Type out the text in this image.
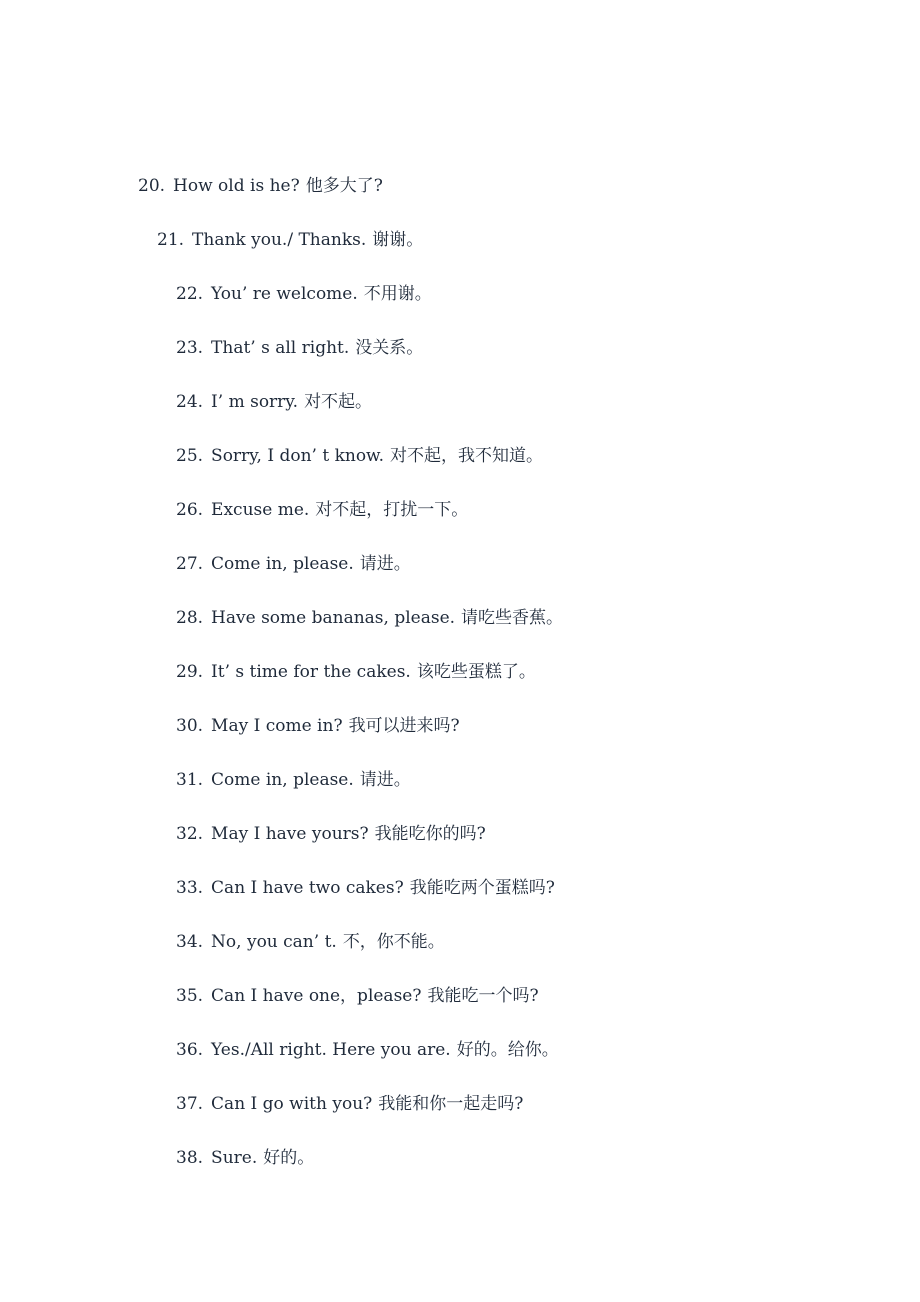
20. How old is he? 他多大了?
21. Thank you./ Thanks. 谢谢。
22. You’ re welcome. 不用谢。
23. That’ s all right. 没关系。
24. I’ m sorry. 对不起。
25. Sorry, I don’ t know. 对不起，我不知道。
26. Excuse me. 对不起，打扰一下。
27. Come in, please. 请进。
28. Have some bananas, please. 请吃些香蕉。
29. It’ s time for the cakes. 该吃些蛋糕了。
30. May I come in? 我可以进来吗?
31. Come in, please. 请进。
32. May I have yours? 我能吃你的吗?
33. Can I have two cakes? 我能吃两个蛋糕吗?
34. No, you can’ t. 不，你不能。
35. Can I have one，please? 我能吃一个吗?
36. Yes./All right. Here you are. 好的。给你。
37. Can I go with you? 我能和你一起走吗?
38. Sure. 好的。
